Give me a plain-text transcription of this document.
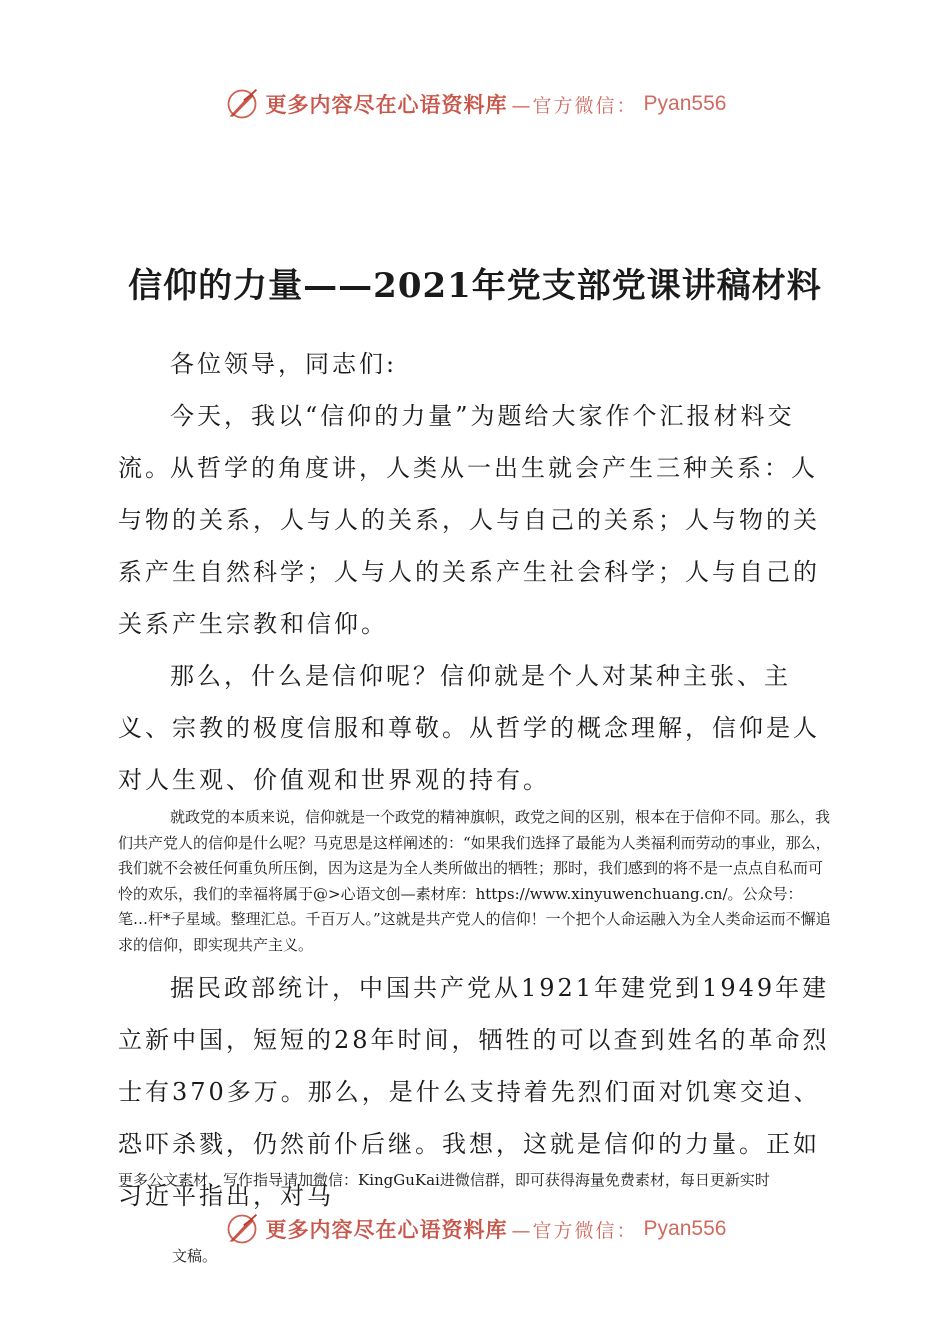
更多内容尽在心语资料库 —官方微信： Pyan556
信仰的力量——2021年党支部党课讲稿材料

各位领导，同志们:

今天，我以“信仰的力量”为题给大家作个汇报材料交流。

从哲学的角度讲，人类从一出生就会产生三种关系：人与物的关系，人与人的关系，人与自己的关系；人与物的关系产生自然科学；人与人的关系产生社会科学；人与自己的关系产生宗教和信仰。

那么，什么是信仰呢？信仰就是个人对某种主张、主义、宗教的极度信服和尊敬。从哲学的概念理解，信仰是人对人生观、价值观和世界观的持有。

就政党的本质来说，信仰就是一个政党的精神旗帜，政党之间的区别，根本在于信仰不同。那么，我们共产党人的信仰是什么呢？马克思是这样阐述的：“如果我们选择了最能为人类福利而劳动的事业，那么，我们就不会被任何重负所压倒，因为这是为全人类所做出的牺牲；那时，我们感到的将不是一点点自私而可怜的欢乐，我们的幸福将属于@>心语文创—素材库：https://www.xinyuwenchuang.cn/。公众号：笔…杆*子星域。整理汇总。千百万人。”这就是共产党人的信仰！一个把个人命运融入为全人类命运而不懈追求的信仰，即实现共产主义。

据民政部统计，中国共产党从1921年建党到1949年建立新中国，短短的28年时间，牺牲的可以查到姓名的革命烈士有370多万。那么，是什么支持着先烈们面对饥寒交迫、恐吓杀戮，仍然前仆后继。我想，这就是信仰的力量。正如习近平指出，对马

更多公文素材、写作指导请加微信：KingGuKai进微信群，即可获得海量免费素材，每日更新实时

更多内容尽在心语资料库 —官方微信： Pyan556

文稿。
